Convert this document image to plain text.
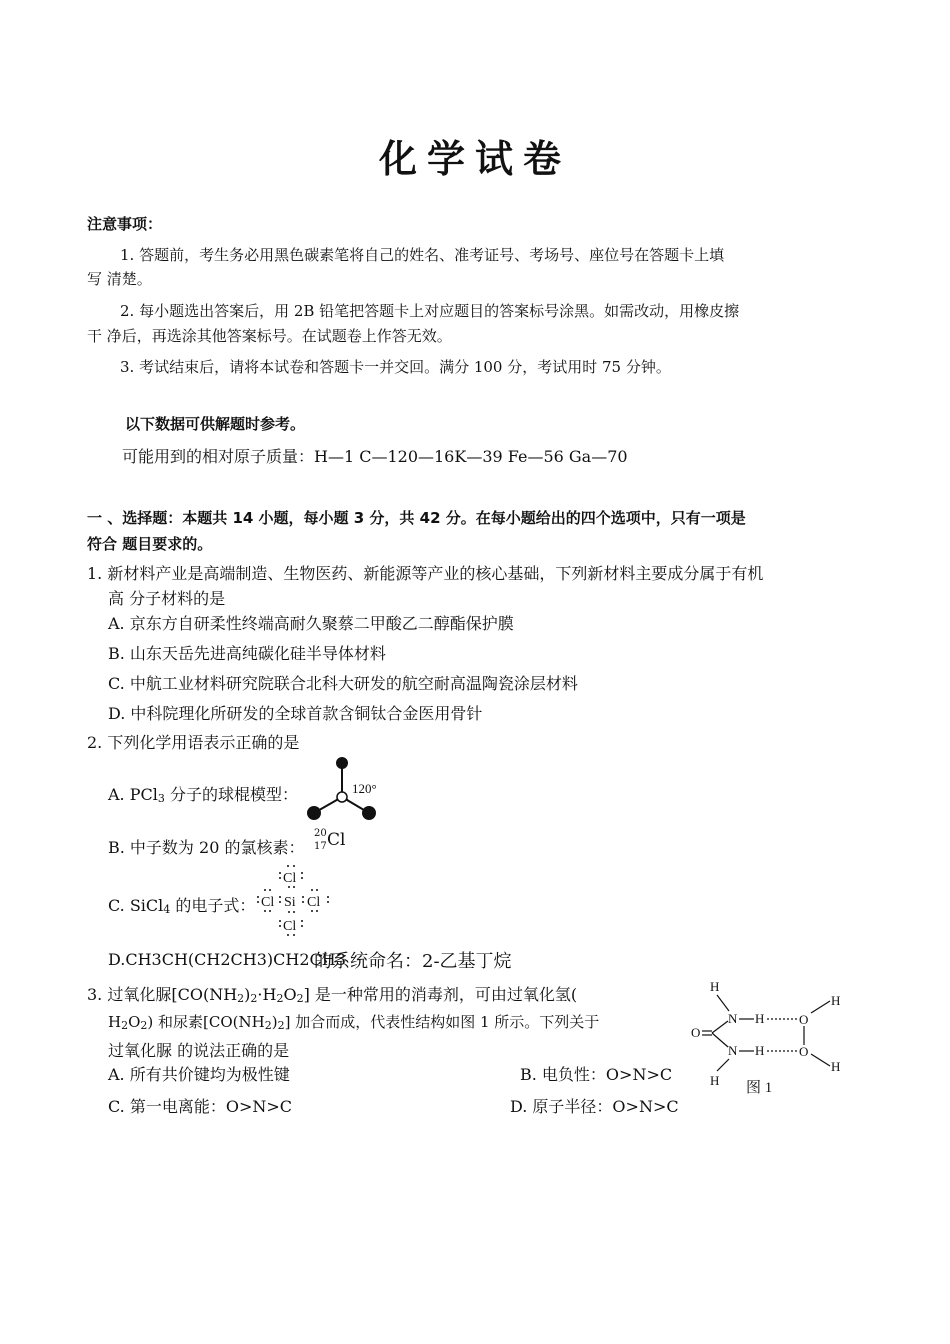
化学试卷
注意事项：
1. 答题前，考生务必用黑色碳素笔将自己的姓名、准考证号、考场号、座位号在答题卡上填
写 清楚。
2. 每小题选出答案后，用 2B 铅笔把答题卡上对应题目的答案标号涂黑。如需改动，用橡皮擦
干 净后，再选涂其他答案标号。在试题卷上作答无效。
3. 考试结束后，请将本试卷和答题卡一并交回。满分 100 分，考试用时 75 分钟。
以下数据可供解题时参考。
可能用到的相对原子质量：H—1 C—120—16K—39 Fe—56 Ga—70
一 、选择题：本题共 14 小题，每小题 3 分，共 42 分。在每小题给出的四个选项中，只有一项是
符合 题目要求的。
1. 新材料产业是高端制造、生物医药、新能源等产业的核心基础，下列新材料主要成分属于有机
高 分子材料的是
A. 京东方自研柔性终端高耐久聚蔡二甲酸乙二醇酯保护膜
B. 山东天岳先进高纯碳化硅半导体材料
C. 中航工业材料研究院联合北科大研发的航空耐高温陶瓷涂层材料
D. 中科院理化所研发的全球首款含铜钛合金医用骨针
2. 下列化学用语表示正确的是
A. PCl$_3$ 分子的球棍模型：	120°
B. 中子数为 20 的氯核素：
20
17 Cl
C. SiCl$_4$ 的电子式：
Cl
Cl Si Cl
Cl
D.CH3CH(CH2CH3)CH2CH3
的系统命名：2-乙基丁烷
3. 过氧化脲$[CO(NH_2)_2\cdot H_2O_2]$ 是一种常用的消毒剂，可由过氧化氢(
$H_2O_2$) 和尿素$[CO(NH_2)_2]$ 加合而成，代表性结构如图 1 所示。下列关于
过氧化脲 的说法正确的是
A. 所有共价键均为极性键	B. 电负性：O>N>C
C. 第一电离能：O>N>C	D. 原子半径：O>N>C
H
N H
O
N H
H
O
O
H
H
图 1
